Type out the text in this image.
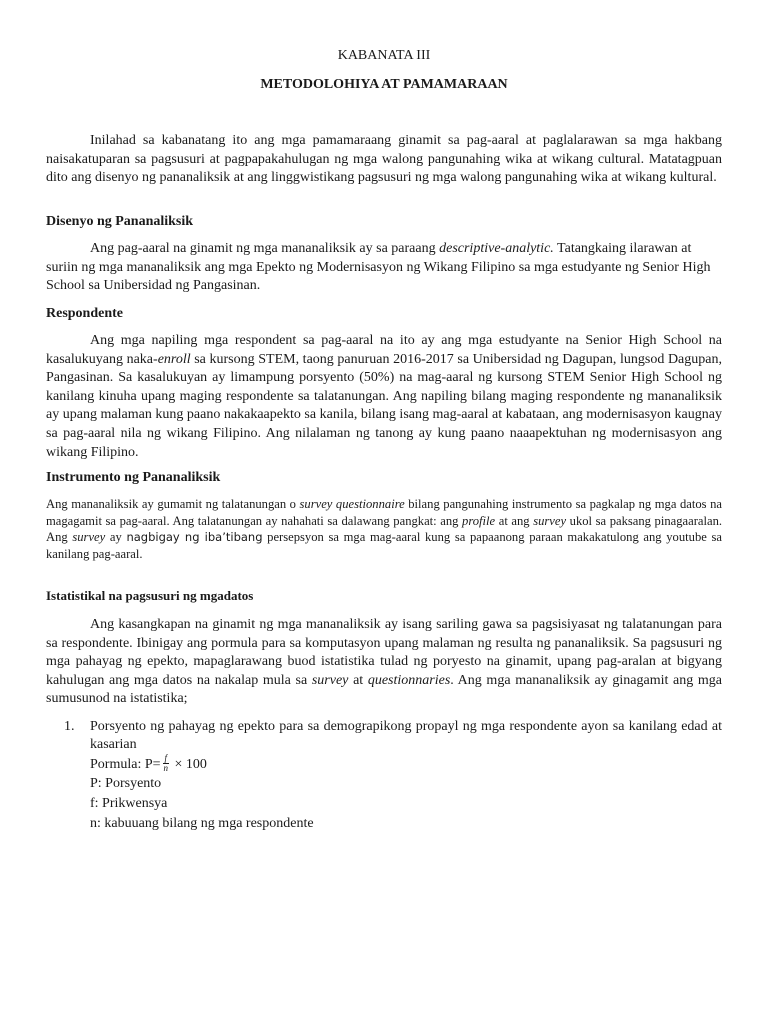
KABANATA III
METODOLOHIYA AT PAMAMARAAN

Inilahad sa kabanatang ito ang mga pamamaraang ginamit sa pag-aaral at paglalarawan sa mga hakbang naisakatuparan sa pagsusuri at pagpapakahulugan ng mga walong pangunahing wika at wikang cultural. Matatagpuan dito ang disenyo ng pananaliksik at ang linggwistikang pagsusuri ng mga walong pangunahing wika at wikang kultural.

Disenyo ng Pananaliksik

Ang pag-aaral na ginamit ng mga mananaliksik ay sa paraang descriptive-analytic. Tatangkaing ilarawan at suriin ng mga mananaliksik ang mga Epekto ng Modernisasyon ng Wikang Filipino sa mga estudyante ng Senior High School sa Unibersidad ng Pangasinan.

Respondente

Ang mga napiling mga respondent sa pag-aaral na ito ay ang mga estudyante na Senior High School na kasalukuyang naka-enroll sa kursong STEM, taong panuruan 2016-2017 sa Unibersidad ng Dagupan, lungsod Dagupan, Pangasinan. Sa kasalukuyan ay limampung porsyento (50%) na mag-aaral ng kursong STEM Senior High School ng kanilang kinuha upang maging respondente sa talatanungan. Ang napiling bilang maging respondente ng mananaliksik ay upang malaman kung paano nakakaapekto sa kanila, bilang isang mag-aaral at kabataan, ang modernisasyon kaugnay sa pag-aaral nila ng wikang Filipino. Ang nilalaman ng tanong ay kung paano naaapektuhan ng modernisasyon ang wikang Filipino.

Instrumento ng Pananaliksik

Ang mananaliksik ay gumamit ng talatanungan o survey questionnaire bilang pangunahing instrumento sa pagkalap ng mga datos na magagamit sa pag-aaral. Ang talatanungan ay nahahati sa dalawang pangkat: ang profile at ang survey ukol sa paksang pinagaaralan. Ang survey ay nagbigay ng iba’tibang persepsyon sa mga mag-aaral kung sa papaanong paraan makakatulong ang youtube sa kanilang pag-aaral.

Istatistikal na pagsusuri ng mgadatos

Ang kasangkapan na ginamit ng mga mananaliksik ay isang sariling gawa sa pagsisiyasat ng talatanungan para sa respondente. Ibinigay ang pormula para sa komputasyon upang malaman ng resulta ng pananaliksik. Sa pagsusuri ng mga pahayag ng epekto, mapaglarawang buod istatistika tulad ng poryesto na ginamit, upang pag-aralan at bigyang kahulugan ang mga datos na nakalap mula sa survey at questionnaries. Ang mga mananaliksik ay ginagamit ang mga sumusunod na istatistika;

1. Porsyento ng pahayag ng epekto para sa demograpikong propayl ng mga respondente ayon sa kanilang edad at kasarian
Pormula: $P= \frac{f}{n} \times 100$
P: Porsyento
f: Prikwensya
n: kabuuang bilang ng mga respondente
